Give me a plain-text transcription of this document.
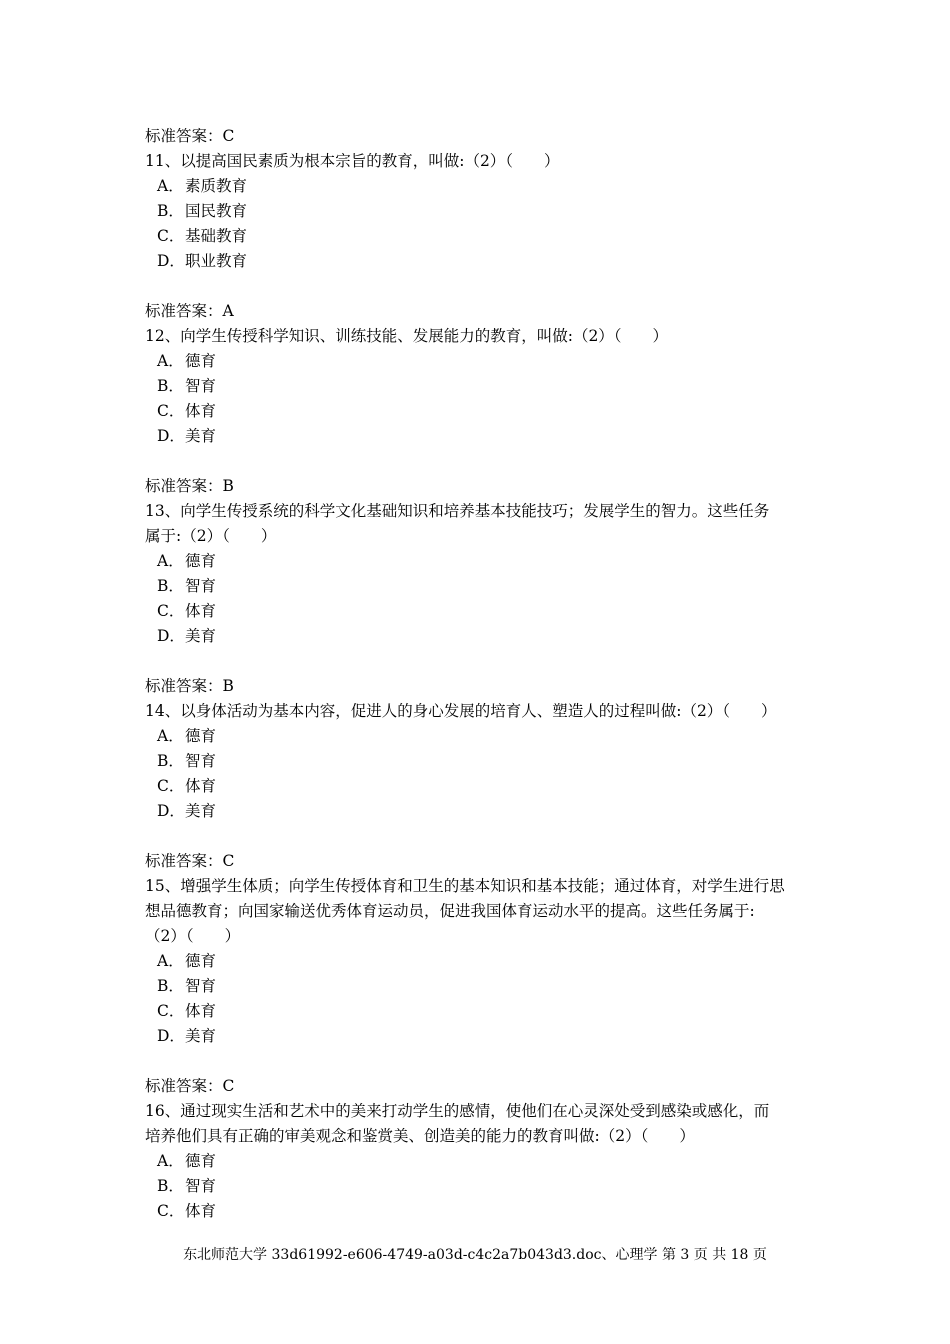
标准答案：C
11、以提高国民素质为根本宗旨的教育，叫做:（2）（　　）
A．素质教育
B．国民教育
C．基础教育
D．职业教育
标准答案：A
12、向学生传授科学知识、训练技能、发展能力的教育，叫做:（2）（　　）
A．德育
B．智育
C．体育
D．美育
标准答案：B
13、向学生传授系统的科学文化基础知识和培养基本技能技巧；发展学生的智力。这些任务
属于:（2）（　　）
A．德育
B．智育
C．体育
D．美育
标准答案：B
14、以身体活动为基本内容，促进人的身心发展的培育人、塑造人的过程叫做:（2）（　　）
A．德育
B．智育
C．体育
D．美育
标准答案：C
15、增强学生体质；向学生传授体育和卫生的基本知识和基本技能；通过体育，对学生进行思
想品德教育；向国家输送优秀体育运动员，促进我国体育运动水平的提高。这些任务属于:
（2）（　　）
A．德育
B．智育
C．体育
D．美育
标准答案：C
16、通过现实生活和艺术中的美来打动学生的感情，使他们在心灵深处受到感染或感化，而
培养他们具有正确的审美观念和鉴赏美、创造美的能力的教育叫做:（2）（　　）
A．德育
B．智育
C．体育
东北师范大学 33d61992-e606-4749-a03d-c4c2a7b043d3.doc、心理学 第 3 页 共 18 页
